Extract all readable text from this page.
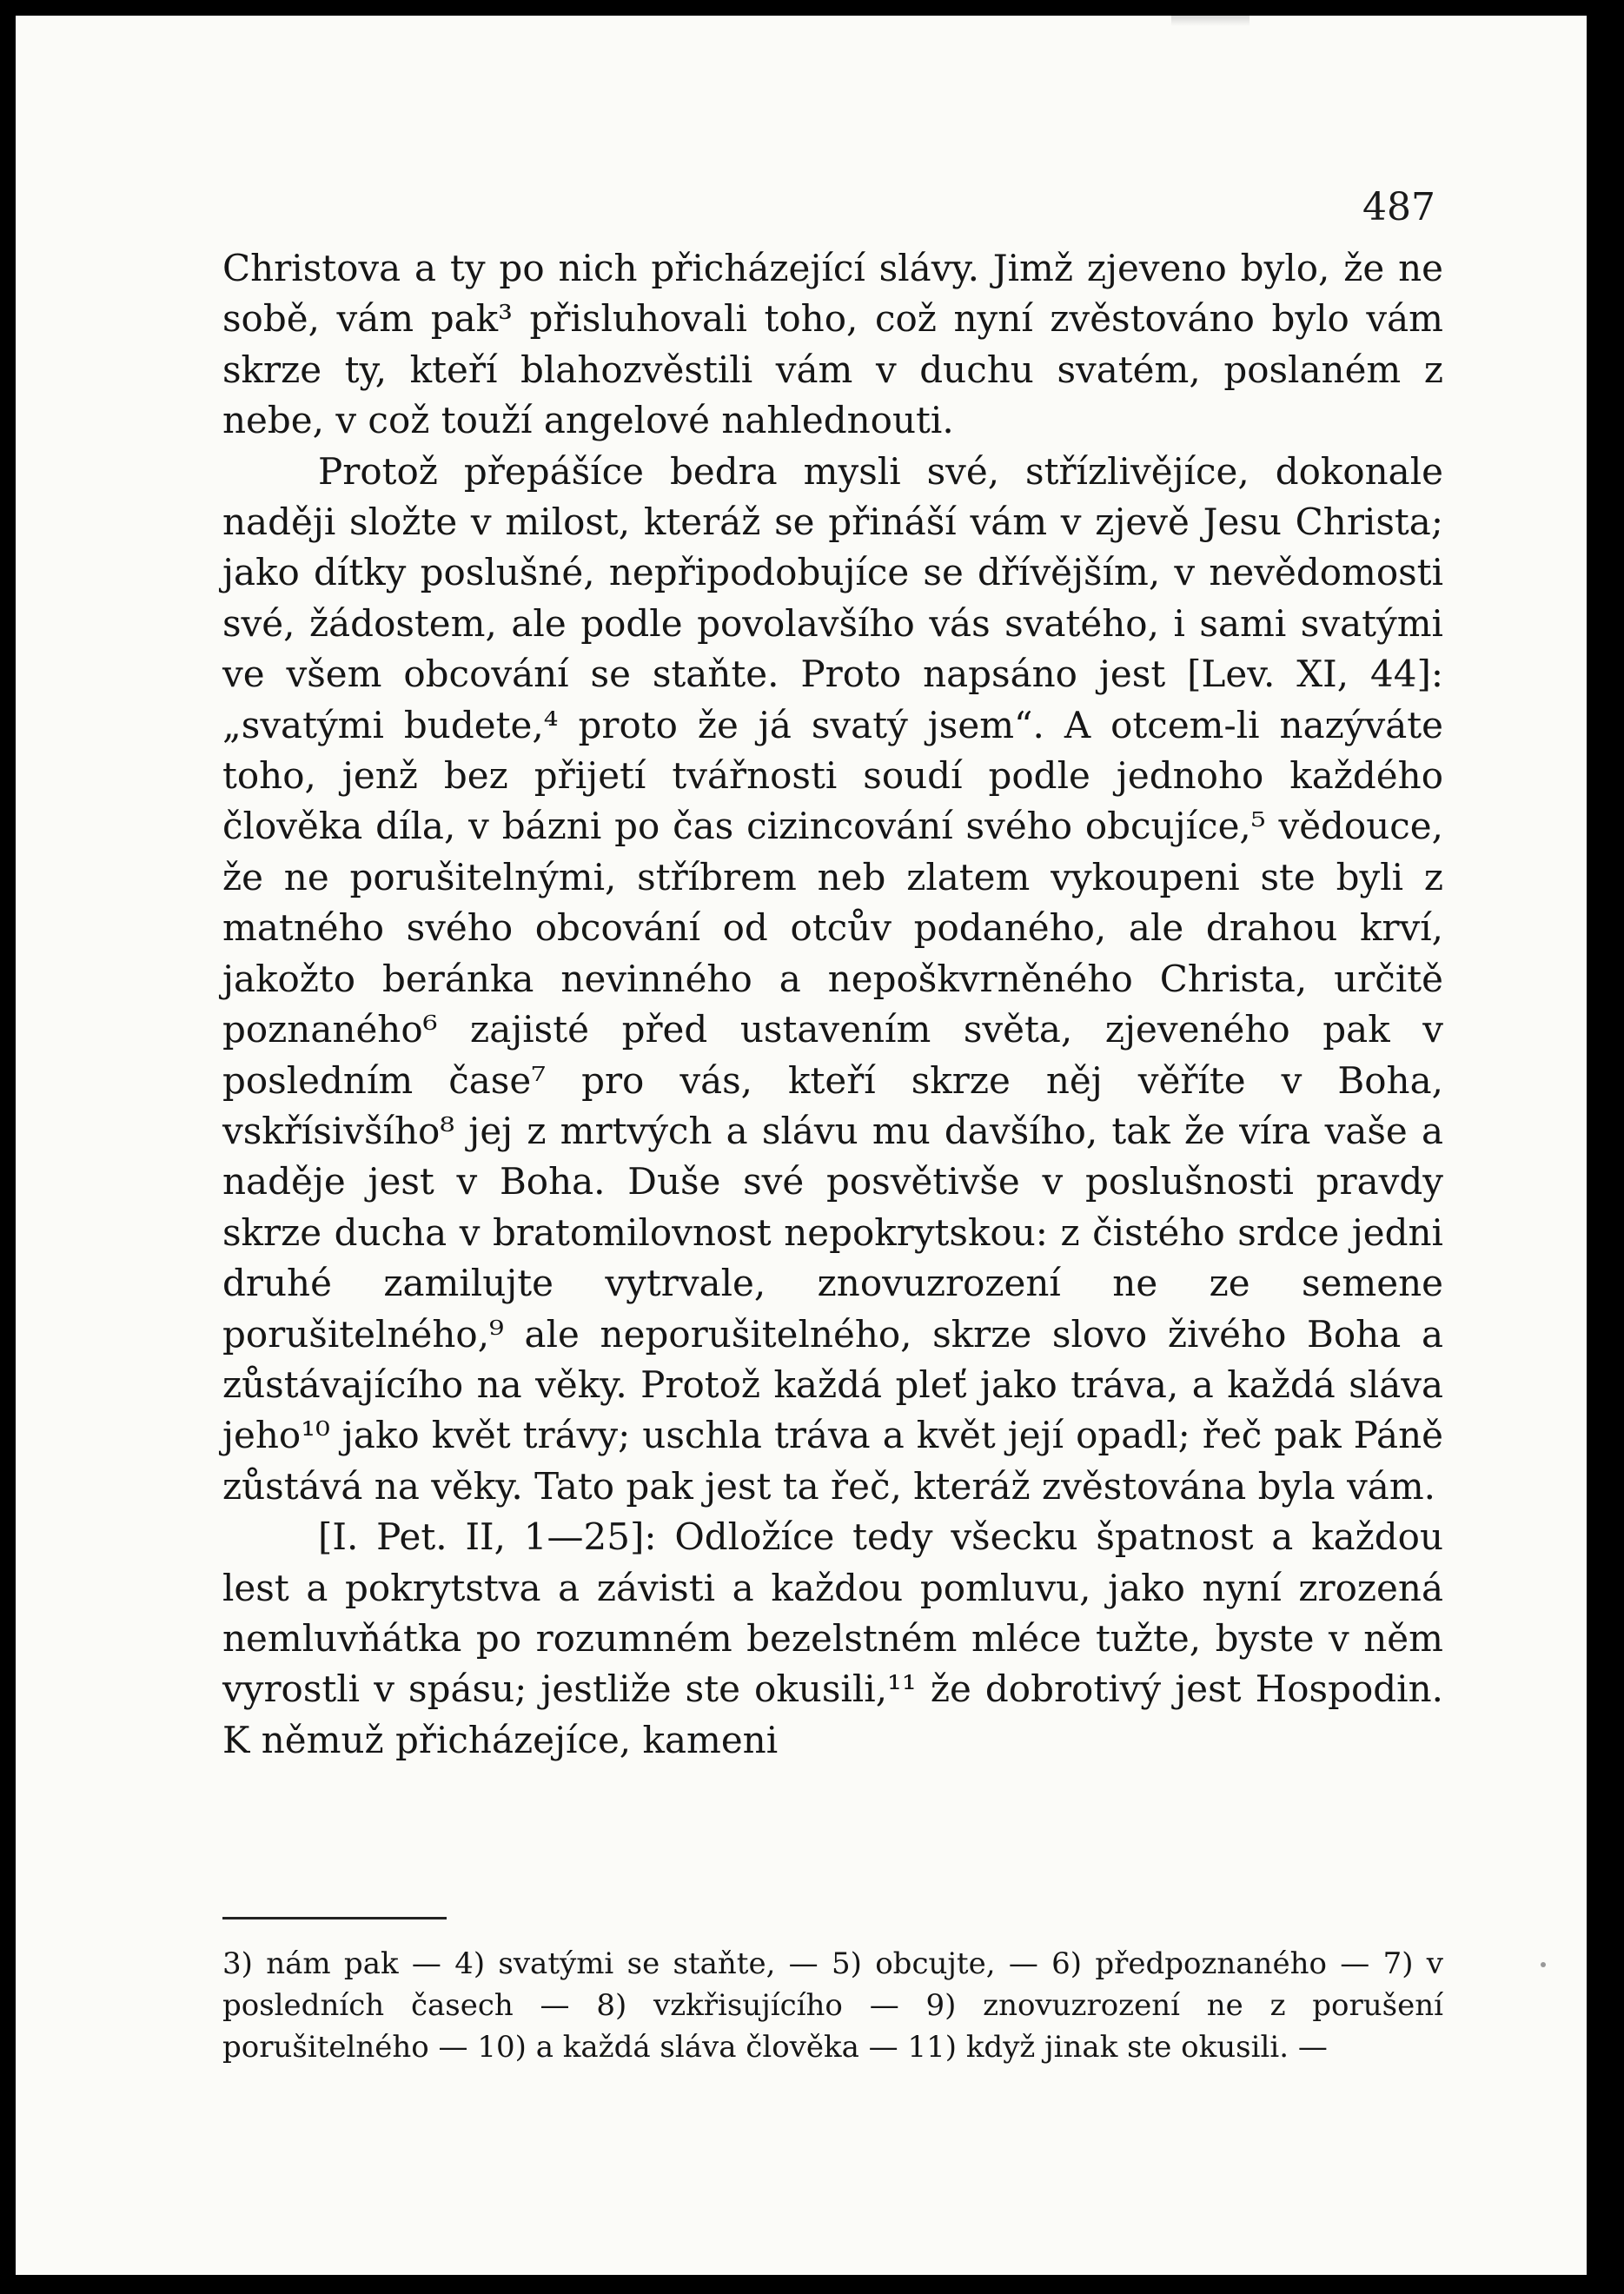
487

Christova a ty po nich přicházející slávy. Jimž zjeveno bylo, že ne sobě, vám pak³ přisluhovali toho, což nyní zvěstováno bylo vám skrze ty, kteří blahozvěstili vám v duchu svatém, poslaném z nebe, v což touží angelové nahlednouti.

Protož přepášíce bedra mysli své, střízlivějíce, dokonale naději složte v milost, kteráž se přináší vám v zjevě Jesu Christa; jako dítky poslušné, nepřipodobujíce se dřívějším, v nevědomosti své, žádostem, ale podle povolavšího vás svatého, i sami svatými ve všem obcování se staňte. Proto napsáno jest [Lev. XI, 44]: „svatými budete,⁴ proto že já svatý jsem“. A otcem-li nazýváte toho, jenž bez přijetí tvářnosti soudí podle jednoho každého člověka díla, v bázni po čas cizincování svého obcujíce,⁵ vědouce, že ne porušitelnými, stříbrem neb zlatem vykoupeni ste byli z matného svého obcování od otcův podaného, ale drahou krví, jakožto beránka nevinného a nepoškvrněného Christa, určitě poznaného⁶ zajisté před ustavením světa, zjeveného pak v posledním čase⁷ pro vás, kteří skrze něj věříte v Boha, vskřísivšího⁸ jej z mrtvých a slávu mu davšího, tak že víra vaše a naděje jest v Boha. Duše své posvětivše v poslušnosti pravdy skrze ducha v bratomilovnost nepokrytskou: z čistého srdce jedni druhé zamilujte vytrvale, znovuzrození ne ze semene porušitelného,⁹ ale neporušitelného, skrze slovo živého Boha a zůstávajícího na věky. Protož každá pleť jako tráva, a každá sláva jeho¹⁰ jako květ trávy; uschla tráva a květ její opadl; řeč pak Páně zůstává na věky. Tato pak jest ta řeč, kteráž zvěstována byla vám.

[I. Pet. II, 1—25]: Odložíce tedy všecku špatnost a každou lest a pokrytstva a závisti a každou pomluvu, jako nyní zrozená nemluvňátka po rozumném bezelstném mléce tužte, byste v něm vyrostli v spásu; jestliže ste okusili,¹¹ že dobrotivý jest Hospodin. K němuž přicházejíce, kameni

3) nám pak — 4) svatými se staňte, — 5) obcujte, — 6) předpoznaného — 7) v posledních časech — 8) vzkřisujícího — 9) znovuzrození ne z porušení porušitelného — 10) a každá sláva člověka — 11) když jinak ste okusili. —
